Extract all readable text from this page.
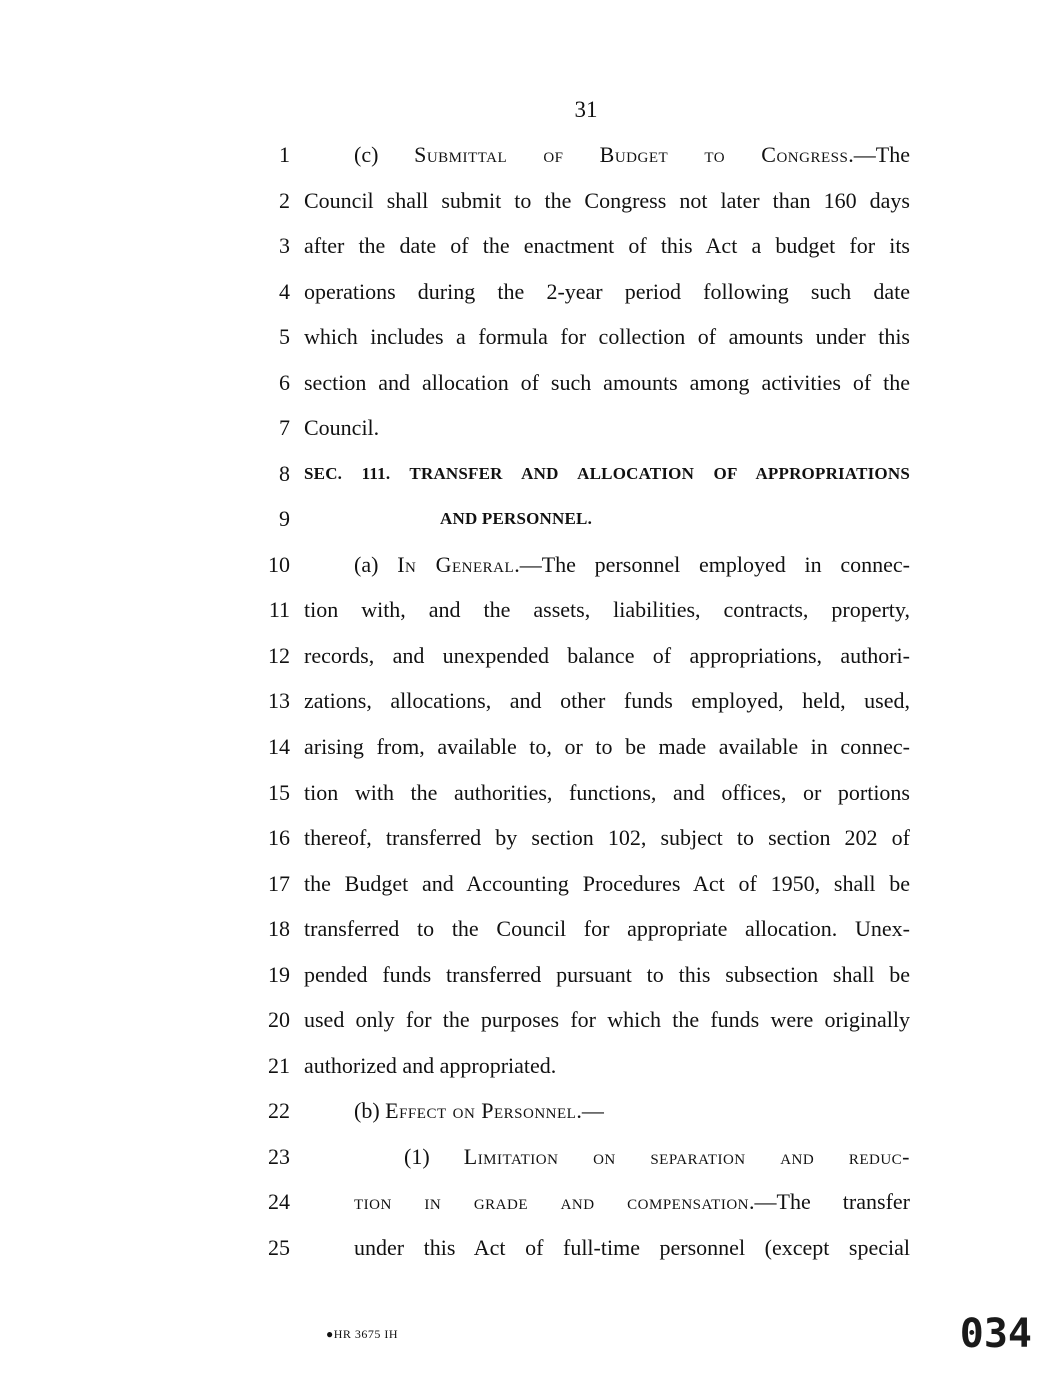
31
1	(c) Submittal of Budget to Congress.—The
2 Council shall submit to the Congress not later than 160 days
3 after the date of the enactment of this Act a budget for its
4 operations during the 2-year period following such date
5 which includes a formula for collection of amounts under this
6 section and allocation of such amounts among activities of the
7 Council.
8 SEC. 111. TRANSFER AND ALLOCATION OF APPROPRIATIONS
9	AND PERSONNEL.
10	(a) In General.—The personnel employed in connec-
11 tion with, and the assets, liabilities, contracts, property,
12 records, and unexpended balance of appropriations, authori-
13 zations, allocations, and other funds employed, held, used,
14 arising from, available to, or to be made available in connec-
15 tion with the authorities, functions, and offices, or portions
16 thereof, transferred by section 102, subject to section 202 of
17 the Budget and Accounting Procedures Act of 1950, shall be
18 transferred to the Council for appropriate allocation. Unex-
19 pended funds transferred pursuant to this subsection shall be
20 used only for the purposes for which the funds were originally
21 authorized and appropriated.
22	(b) Effect on Personnel.—
23	(1) Limitation on separation and reduc-
24	tion in grade and compensation.—The transfer
25	under this Act of full-time personnel (except special
●HR 3675 IH	034
